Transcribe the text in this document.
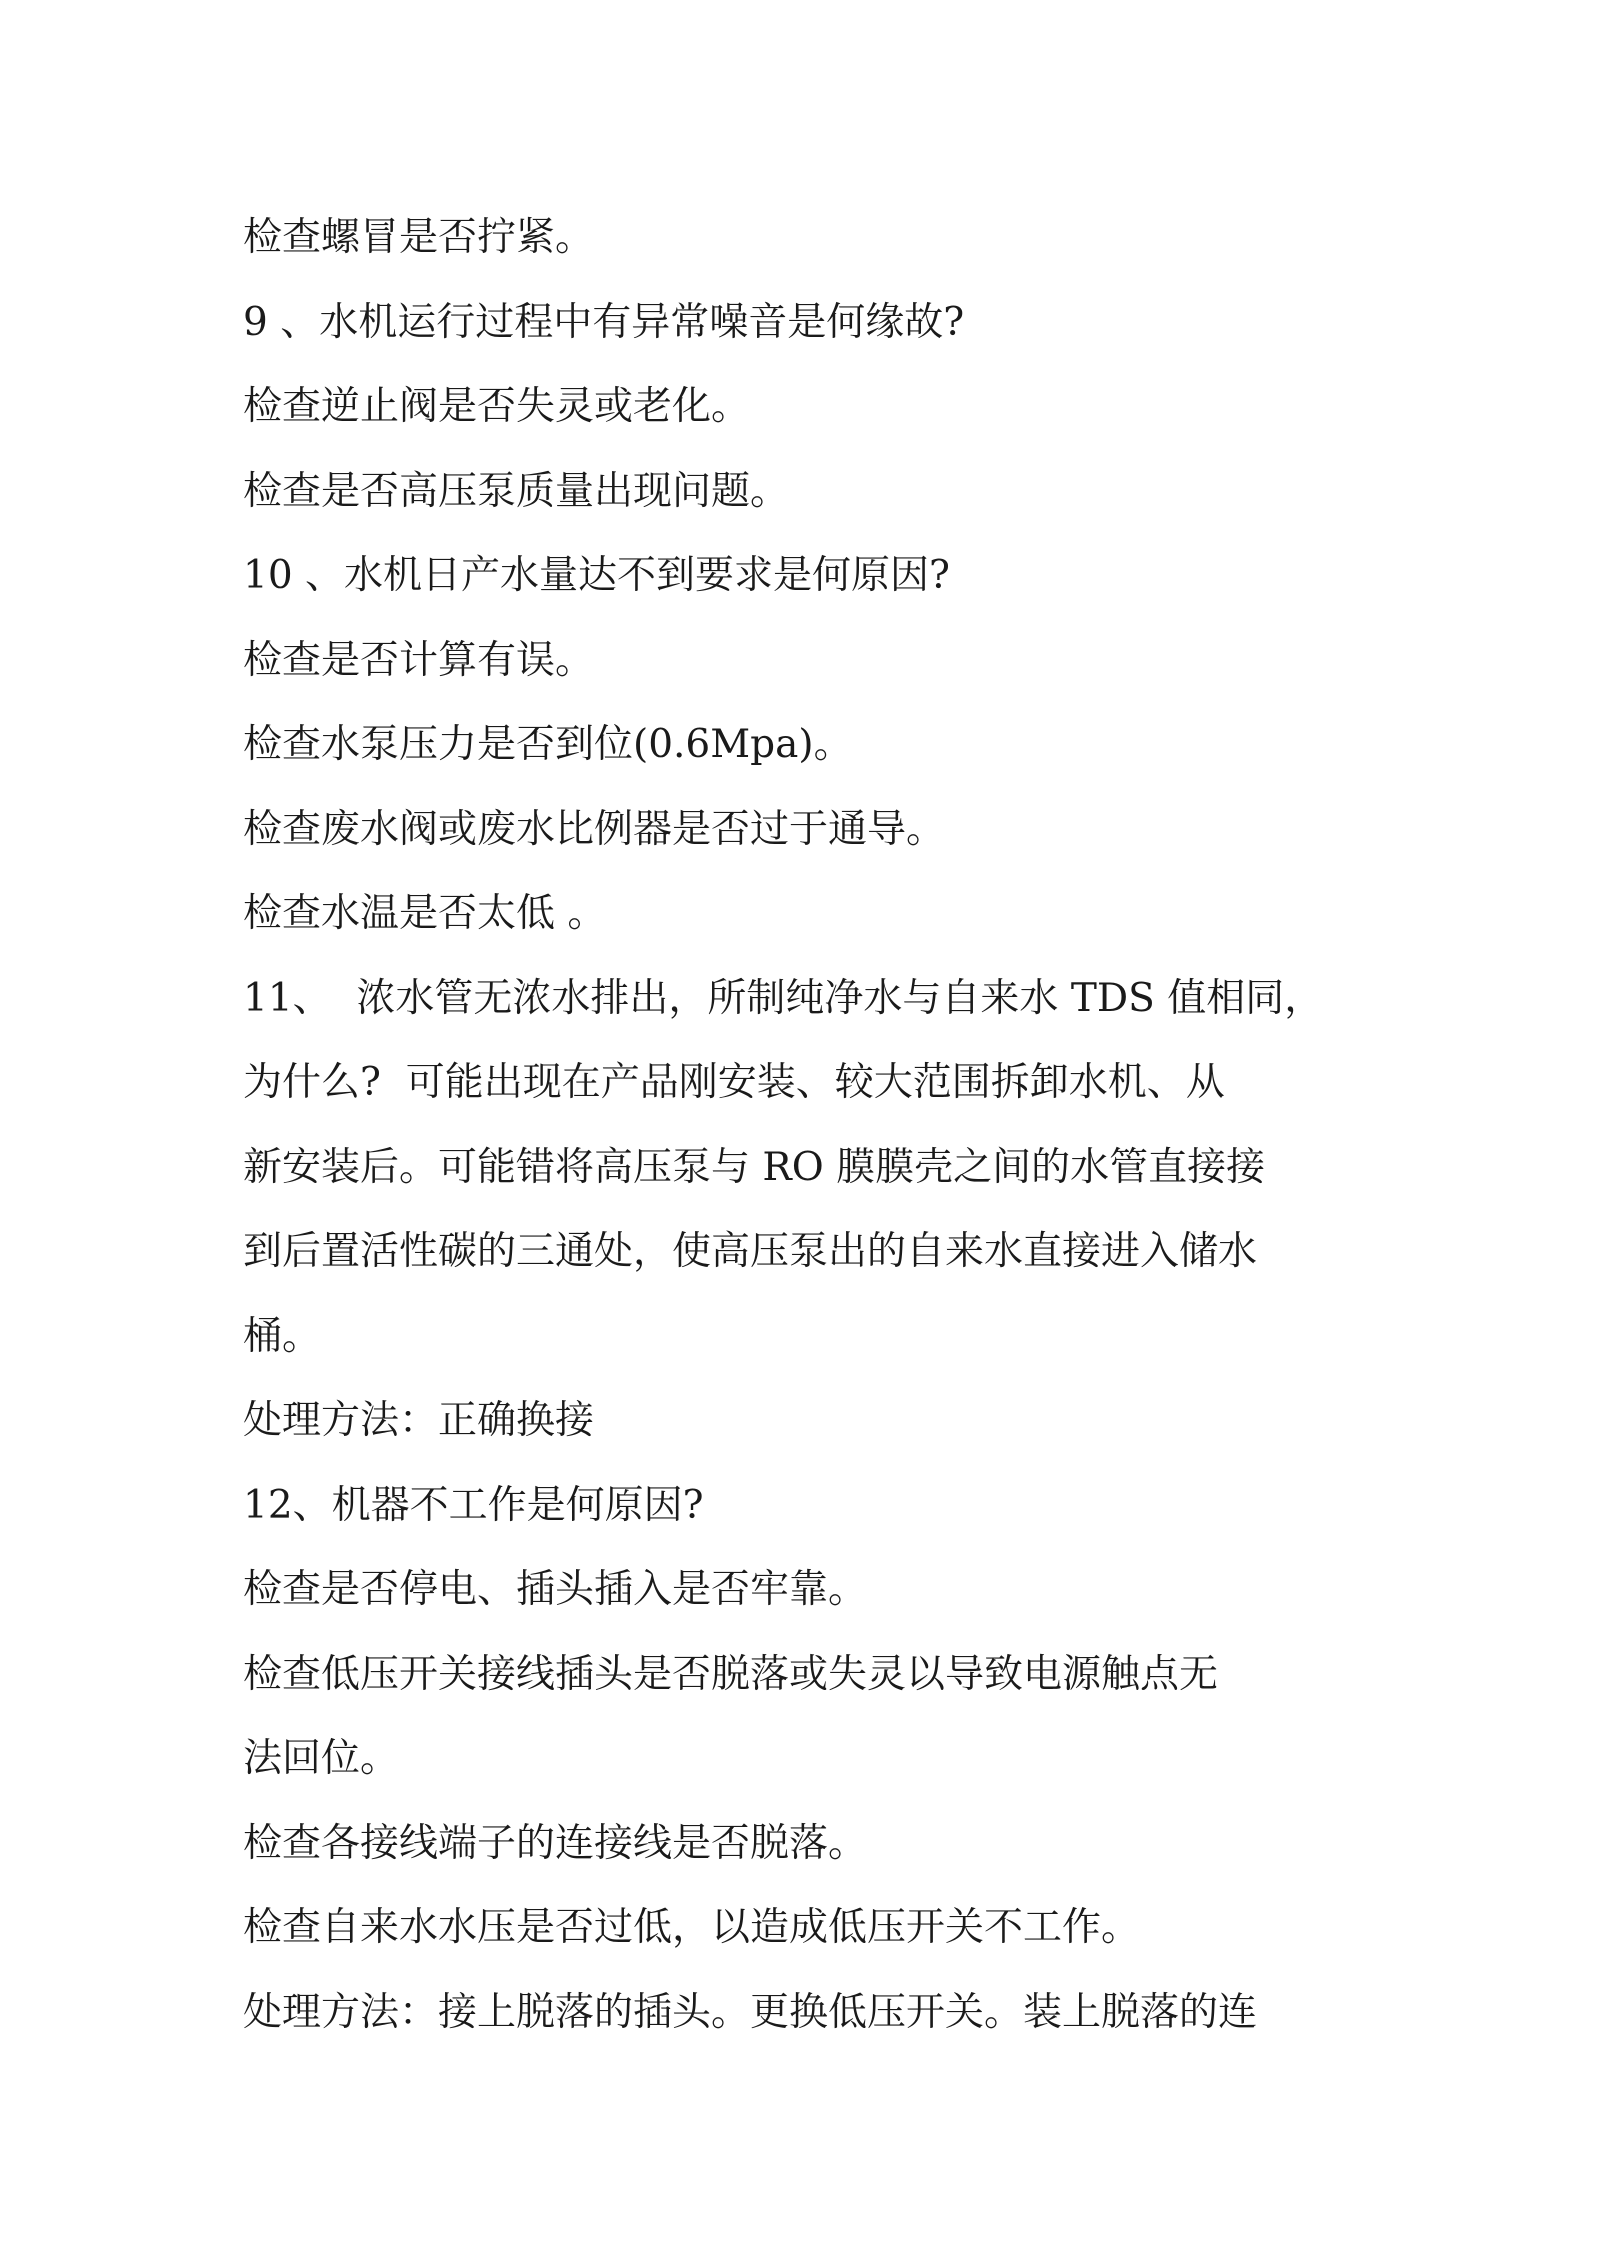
检查螺冒是否拧紧。
9 、水机运行过程中有异常噪音是何缘故?
检查逆止阀是否失灵或老化。
检查是否高压泵质量出现问题。
10 、水机日产水量达不到要求是何原因?
检查是否计算有误。
检查水泵压力是否到位(0.6Mpa)。
检查废水阀或废水比例器是否过于通导。
检查水温是否太低 。
11、  浓水管无浓水排出，所制纯净水与自来水 TDS 值相同，
为什么?  可能出现在产品刚安装、较大范围拆卸水机、从
新安装后。可能错将高压泵与 RO 膜膜壳之间的水管直接接
到后置活性碳的三通处，使高压泵出的自来水直接进入储水
桶。
处理方法：正确换接
12、机器不工作是何原因?
检查是否停电、插头插入是否牢靠。
检查低压开关接线插头是否脱落或失灵以导致电源触点无
法回位。
检查各接线端子的连接线是否脱落。
检查自来水水压是否过低，以造成低压开关不工作。
处理方法：接上脱落的插头。更换低压开关。装上脱落的连
